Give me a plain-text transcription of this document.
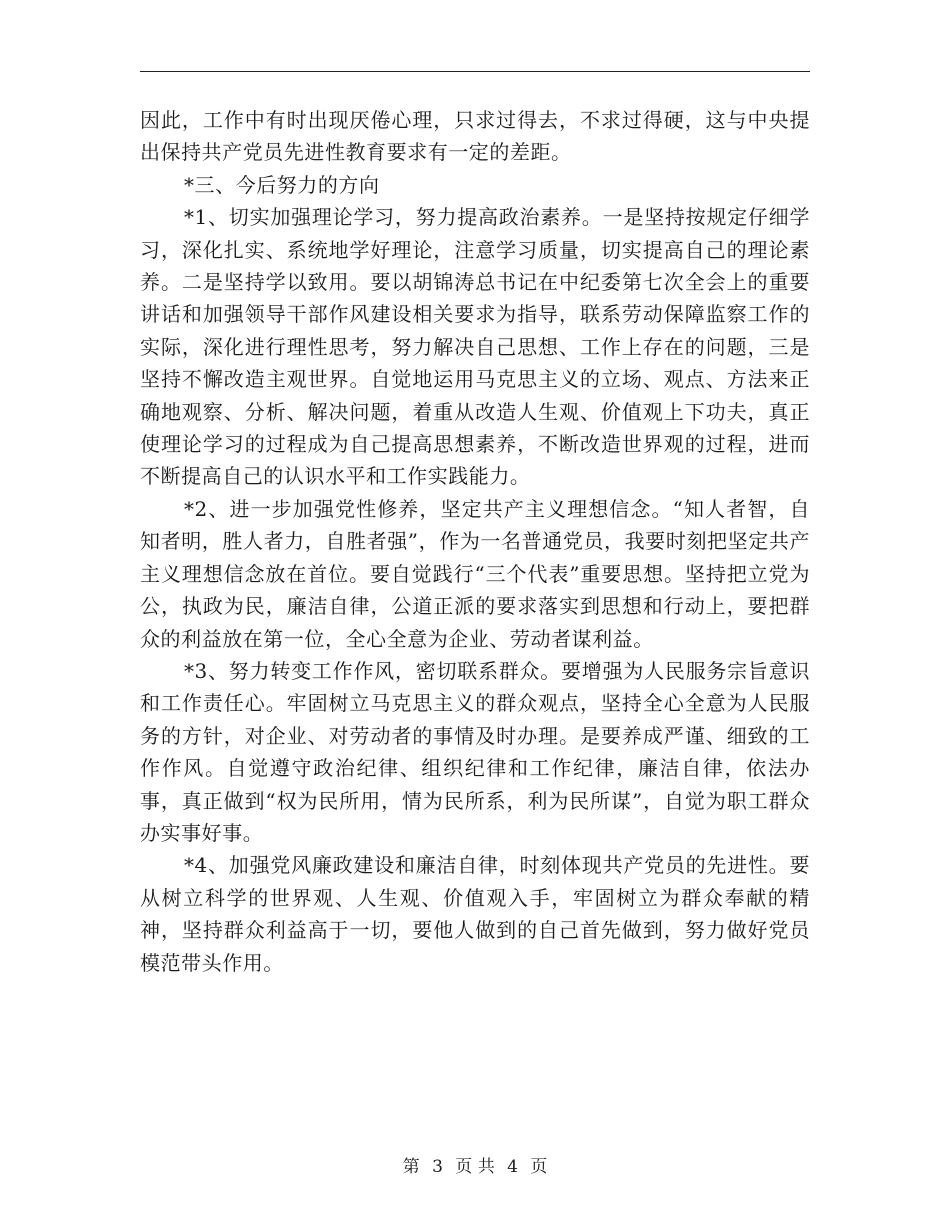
因此，工作中有时出现厌倦心理，只求过得去，不求过得硬，这与中央提出保持共产党员先进性教育要求有一定的差距。

*三、今后努力的方向

*1、切实加强理论学习，努力提高政治素养。一是坚持按规定仔细学习，深化扎实、系统地学好理论，注意学习质量，切实提高自己的理论素养。二是坚持学以致用。要以胡锦涛总书记在中纪委第七次全会上的重要讲话和加强领导干部作风建设相关要求为指导，联系劳动保障监察工作的实际，深化进行理性思考，努力解决自己思想、工作上存在的问题，三是坚持不懈改造主观世界。自觉地运用马克思主义的立场、观点、方法来正确地观察、分析、解决问题，着重从改造人生观、价值观上下功夫，真正使理论学习的过程成为自己提高思想素养，不断改造世界观的过程，进而不断提高自己的认识水平和工作实践能力。

*2、进一步加强党性修养，坚定共产主义理想信念。“知人者智，自知者明，胜人者力，自胜者强”，作为一名普通党员，我要时刻把坚定共产主义理想信念放在首位。要自觉践行“三个代表”重要思想。坚持把立党为公，执政为民，廉洁自律，公道正派的要求落实到思想和行动上，要把群众的利益放在第一位，全心全意为企业、劳动者谋利益。

*3、努力转变工作作风，密切联系群众。要增强为人民服务宗旨意识和工作责任心。牢固树立马克思主义的群众观点，坚持全心全意为人民服务的方针，对企业、对劳动者的事情及时办理。是要养成严谨、细致的工作作风。自觉遵守政治纪律、组织纪律和工作纪律，廉洁自律，依法办事，真正做到“权为民所用，情为民所系，利为民所谋”，自觉为职工群众办实事好事。

*4、加强党风廉政建设和廉洁自律，时刻体现共产党员的先进性。要从树立科学的世界观、人生观、价值观入手，牢固树立为群众奉献的精神，坚持群众利益高于一切，要他人做到的自己首先做到，努力做好党员模范带头作用。

第 3 页 共 4 页
